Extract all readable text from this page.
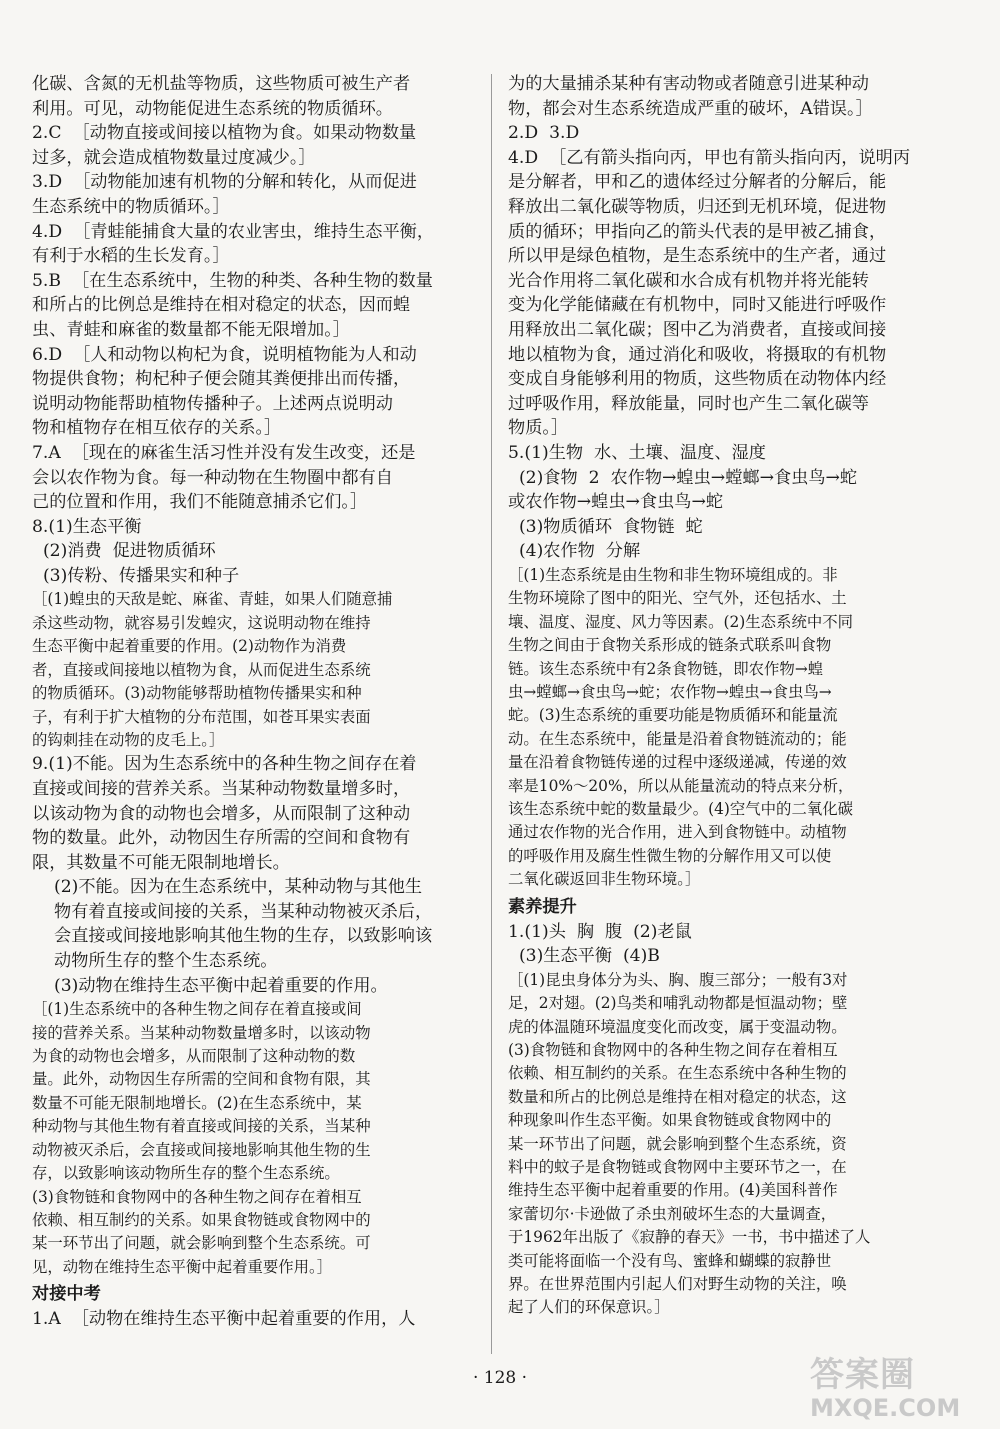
化碳、含氮的无机盐等物质，这些物质可被生产者
利用。可见，动物能促进生态系统的物质循环。
2.C  ［动物直接或间接以植物为食。如果动物数量
过多，就会造成植物数量过度减少。］
3.D  ［动物能加速有机物的分解和转化，从而促进
生态系统中的物质循环。］
4.D  ［青蛙能捕食大量的农业害虫，维持生态平衡，
有利于水稻的生长发育。］
5.B  ［在生态系统中，生物的种类、各种生物的数量
和所占的比例总是维持在相对稳定的状态，因而蝗
虫、青蛙和麻雀的数量都不能无限增加。］
6.D  ［人和动物以枸杞为食，说明植物能为人和动
物提供食物；枸杞种子便会随其粪便排出而传播，
说明动物能帮助植物传播种子。上述两点说明动
物和植物存在相互依存的关系。］
7.A  ［现在的麻雀生活习性并没有发生改变，还是
会以农作物为食。每一种动物在生物圈中都有自
己的位置和作用，我们不能随意捕杀它们。］
8.(1)生态平衡
(2)消费  促进物质循环
(3)传粉、传播果实和种子
［(1)蝗虫的天敌是蛇、麻雀、青蛙，如果人们随意捕
杀这些动物，就容易引发蝗灾，这说明动物在维持
生态平衡中起着重要的作用。(2)动物作为消费
者，直接或间接地以植物为食，从而促进生态系统
的物质循环。(3)动物能够帮助植物传播果实和种
子，有利于扩大植物的分布范围，如苍耳果实表面
的钩刺挂在动物的皮毛上。］
9.(1)不能。因为生态系统中的各种生物之间存在着
直接或间接的营养关系。当某种动物数量增多时，
以该动物为食的动物也会增多，从而限制了这种动
物的数量。此外，动物因生存所需的空间和食物有
限，其数量不可能无限制地增长。
(2)不能。因为在生态系统中，某种动物与其他生
物有着直接或间接的关系，当某种动物被灭杀后，
会直接或间接地影响其他生物的生存，以致影响该
动物所生存的整个生态系统。
(3)动物在维持生态平衡中起着重要的作用。
［(1)生态系统中的各种生物之间存在着直接或间
接的营养关系。当某种动物数量增多时，以该动物
为食的动物也会增多，从而限制了这种动物的数
量。此外，动物因生存所需的空间和食物有限，其
数量不可能无限制地增长。(2)在生态系统中，某
种动物与其他生物有着直接或间接的关系，当某种
动物被灭杀后，会直接或间接地影响其他生物的生
存，以致影响该动物所生存的整个生态系统。
(3)食物链和食物网中的各种生物之间存在着相互
依赖、相互制约的关系。如果食物链或食物网中的
某一环节出了问题，就会影响到整个生态系统。可
见，动物在维持生态平衡中起着重要作用。］
对接中考
1.A  ［动物在维持生态平衡中起着重要的作用，人
为的大量捕杀某种有害动物或者随意引进某种动
物，都会对生态系统造成严重的破坏，A错误。］
2.D  3.D
4.D  ［乙有箭头指向丙，甲也有箭头指向丙，说明丙
是分解者，甲和乙的遗体经过分解者的分解后，能
释放出二氧化碳等物质，归还到无机环境，促进物
质的循环；甲指向乙的箭头代表的是甲被乙捕食，
所以甲是绿色植物，是生态系统中的生产者，通过
光合作用将二氧化碳和水合成有机物并将光能转
变为化学能储藏在有机物中，同时又能进行呼吸作
用释放出二氧化碳；图中乙为消费者，直接或间接
地以植物为食，通过消化和吸收，将摄取的有机物
变成自身能够利用的物质，这些物质在动物体内经
过呼吸作用，释放能量，同时也产生二氧化碳等
物质。］
5.(1)生物  水、土壤、温度、湿度
(2)食物  2  农作物→蝗虫→螳螂→食虫鸟→蛇
或农作物→蝗虫→食虫鸟→蛇
(3)物质循环  食物链  蛇
(4)农作物  分解
［(1)生态系统是由生物和非生物环境组成的。非
生物环境除了图中的阳光、空气外，还包括水、土
壤、温度、湿度、风力等因素。(2)生态系统中不同
生物之间由于食物关系形成的链条式联系叫食物
链。该生态系统中有2条食物链，即农作物→蝗
虫→螳螂→食虫鸟→蛇；农作物→蝗虫→食虫鸟→
蛇。(3)生态系统的重要功能是物质循环和能量流
动。在生态系统中，能量是沿着食物链流动的；能
量在沿着食物链传递的过程中逐级递减，传递的效
率是10%～20%，所以从能量流动的特点来分析，
该生态系统中蛇的数量最少。(4)空气中的二氧化碳
通过农作物的光合作用，进入到食物链中。动植物
的呼吸作用及腐生性微生物的分解作用又可以使
二氧化碳返回非生物环境。］
素养提升
1.(1)头  胸  腹  (2)老鼠
(3)生态平衡  (4)B
［(1)昆虫身体分为头、胸、腹三部分；一般有3对
足，2对翅。(2)鸟类和哺乳动物都是恒温动物；壁
虎的体温随环境温度变化而改变，属于变温动物。
(3)食物链和食物网中的各种生物之间存在着相互
依赖、相互制约的关系。在生态系统中各种生物的
数量和所占的比例总是维持在相对稳定的状态，这
种现象叫作生态平衡。如果食物链或食物网中的
某一环节出了问题，就会影响到整个生态系统，资
料中的蚊子是食物链或食物网中主要环节之一，在
维持生态平衡中起着重要的作用。(4)美国科普作
家蕾切尔·卡逊做了杀虫剂破坏生态的大量调查，
于1962年出版了《寂静的春天》一书，书中描述了人
类可能将面临一个没有鸟、蜜蜂和蝴蝶的寂静世
界。在世界范围内引起人们对野生动物的关注，唤
起了人们的环保意识。］
· 128 ·	答案圈
MXQE.COM
